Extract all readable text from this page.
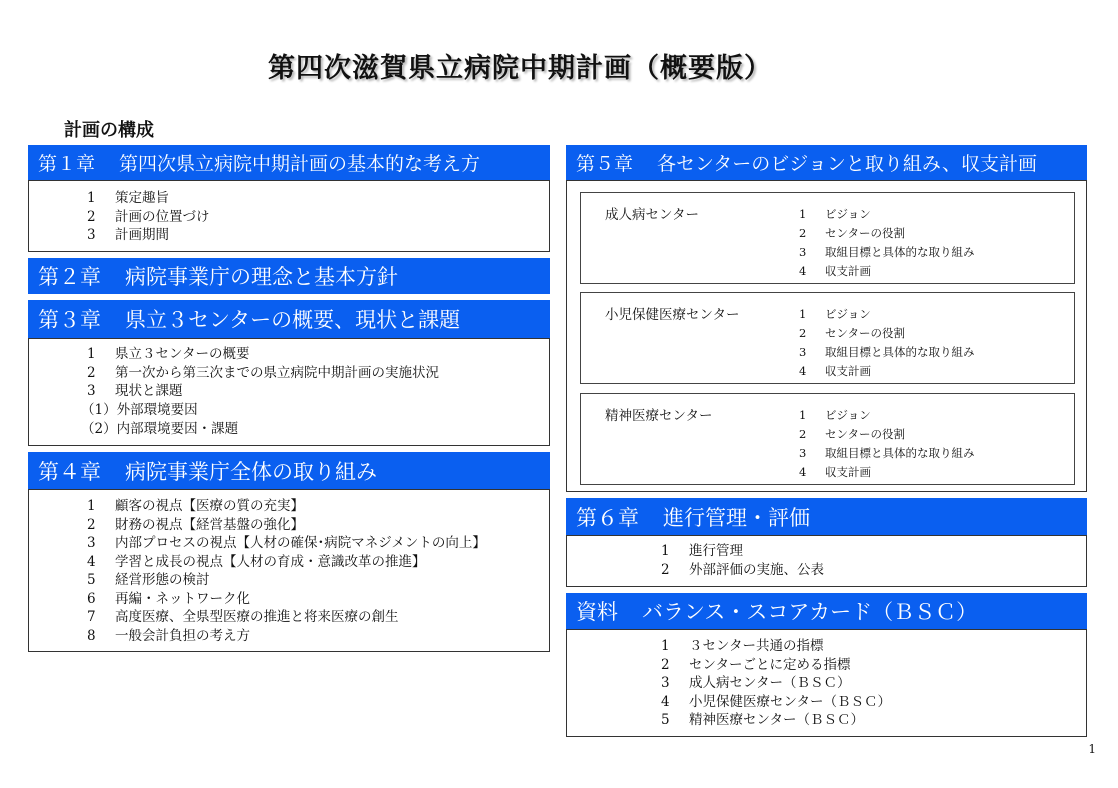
第四次滋賀県立病院中期計画（概要版）
計画の構成
第１章 第四次県立病院中期計画の基本的な考え方
1 策定趣旨
2 計画の位置づけ
3 計画期間
第２章 病院事業庁の理念と基本方針
第３章 県立３センターの概要、現状と課題
1 県立３センターの概要
2 第一次から第三次までの県立病院中期計画の実施状況
3 現状と課題
（1）外部環境要因
（2）内部環境要因・課題
第４章 病院事業庁全体の取り組み
1 顧客の視点【医療の質の充実】
2 財務の視点【経営基盤の強化】
3 内部プロセスの視点【人材の確保･病院マネジメントの向上】
4 学習と成長の視点【人材の育成・意識改革の推進】
5 経営形態の検討
6 再編・ネットワーク化
7 高度医療、全県型医療の推進と将来医療の創生
8 一般会計負担の考え方
第５章 各センターのビジョンと取り組み、収支計画
成人病センター	1 ビジョン
2 センターの役割
3 取組目標と具体的な取り組み
4 収支計画
小児保健医療センター	1 ビジョン
2 センターの役割
3 取組目標と具体的な取り組み
4 収支計画
精神医療センター	1 ビジョン
2 センターの役割
3 取組目標と具体的な取り組み
4 収支計画
第６章 進行管理・評価
1 進行管理
2 外部評価の実施、公表
資料 バランス・スコアカード（ＢＳＣ）
1 ３センター共通の指標
2 センターごとに定める指標
3 成人病センター（ＢＳＣ）
4 小児保健医療センター（ＢＳＣ）
5 精神医療センター（ＢＳＣ）
1
